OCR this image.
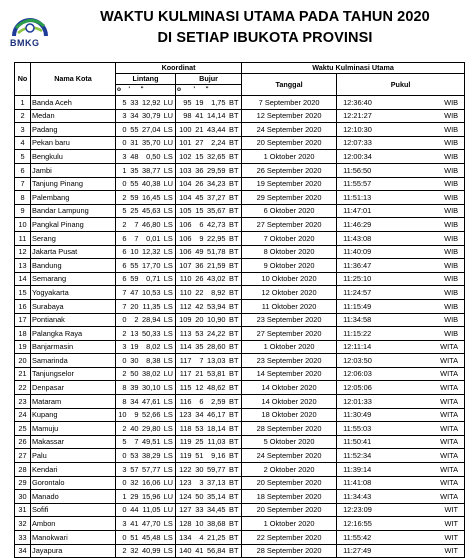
BMKG
WAKTU KULMINASI UTAMA PADA TAHUN 2020
DI SETIAP IBUKOTA PROVINSI
No	Nama Kota	Koordinat								Waktu Kulminasi Utama		
		Lintang				Bujur				Tanggal	Pukul	
		o	'	"		o	'	"				
1	Banda Aceh	5	33	12,92	LU	95	19	1,75	BT	7 September 2020	12:36:40	WIB
2	Medan	3	34	30,79	LU	98	41	14,14	BT	12 September 2020	12:21:27	WIB
3	Padang	0	55	27,04	LS	100	21	43,44	BT	24 September 2020	12:10:30	WIB
4	Pekan baru	0	31	35,70	LU	101	27	2,24	BT	20 September 2020	12:07:33	WIB
5	Bengkulu	3	48	0,50	LS	102	15	32,65	BT	1 Oktober 2020	12:00:34	WIB
6	Jambi	1	35	38,77	LS	103	36	29,59	BT	26 September 2020	11:56:50	WIB
7	Tanjung Pinang	0	55	40,38	LU	104	26	34,23	BT	19 September 2020	11:55:57	WIB
8	Palembang	2	59	16,45	LS	104	45	37,27	BT	29 September 2020	11:51:13	WIB
9	Bandar Lampung	5	25	45,63	LS	105	15	35,67	BT	6 Oktober 2020	11:47:01	WIB
10	Pangkal Pinang	2	7	46,80	LS	106	6	42,73	BT	27 September 2020	11:46:29	WIB
11	Serang	6	7	0,01	LS	106	9	22,95	BT	7 Oktober 2020	11:43:08	WIB
12	Jakarta Pusat	6	10	12,32	LS	106	49	51,78	BT	8 Oktober 2020	11:40:09	WIB
13	Bandung	6	55	17,70	LS	107	36	21,59	BT	9 Oktober 2020	11:36:47	WIB
14	Semarang	6	59	0,71	LS	110	26	43,02	BT	10 Oktober 2020	11:25:10	WIB
15	Yogyakarta	7	47	10,53	LS	110	22	8,92	BT	12 Oktober 2020	11:24:57	WIB
16	Surabaya	7	20	11,35	LS	112	42	53,94	BT	11 Oktober 2020	11:15:49	WIB
17	Pontianak	0	2	28,94	LS	109	20	10,90	BT	23 September 2020	11:34:58	WIB
18	Palangka Raya	2	13	50,33	LS	113	53	24,22	BT	27 September 2020	11:15:22	WIB
19	Banjarmasin	3	19	8,02	LS	114	35	28,60	BT	1 Oktober 2020	12:11:14	WITA
20	Samarinda	0	30	8,38	LS	117	7	13,03	BT	23 September 2020	12:03:50	WITA
21	Tanjungselor	2	50	38,02	LU	117	21	53,81	BT	14 September 2020	12:06:03	WITA
22	Denpasar	8	39	30,10	LS	115	12	48,62	BT	14 Oktober 2020	12:05:06	WITA
23	Mataram	8	34	47,61	LS	116	6	2,59	BT	14 Oktober 2020	12:01:33	WITA
24	Kupang	10	9	52,66	LS	123	34	46,17	BT	18 Oktober 2020	11:30:49	WITA
25	Mamuju	2	40	29,80	LS	118	53	18,14	BT	28 September 2020	11:55:03	WITA
26	Makassar	5	7	49,51	LS	119	25	11,03	BT	5 Oktober 2020	11:50:41	WITA
27	Palu	0	53	38,29	LS	119	51	9,16	BT	24 September 2020	11:52:34	WITA
28	Kendari	3	57	57,77	LS	122	30	59,77	BT	2 Oktober 2020	11:39:14	WITA
29	Gorontalo	0	32	16,06	LU	123	3	37,13	BT	20 September 2020	11:41:08	WITA
30	Manado	1	29	15,96	LU	124	50	35,14	BT	18 September 2020	11:34:43	WITA
31	Sofifi	0	44	11,05	LU	127	33	34,45	BT	20 September 2020	12:23:09	WIT
32	Ambon	3	41	47,70	LS	128	10	38,68	BT	1 Oktober 2020	12:16:55	WIT
33	Manokwari	0	51	45,48	LS	134	4	21,25	BT	22 September 2020	11:55:42	WIT
34	Jayapura	2	32	40,99	LS	140	41	56,84	BT	28 September 2020	11:27:49	WIT
